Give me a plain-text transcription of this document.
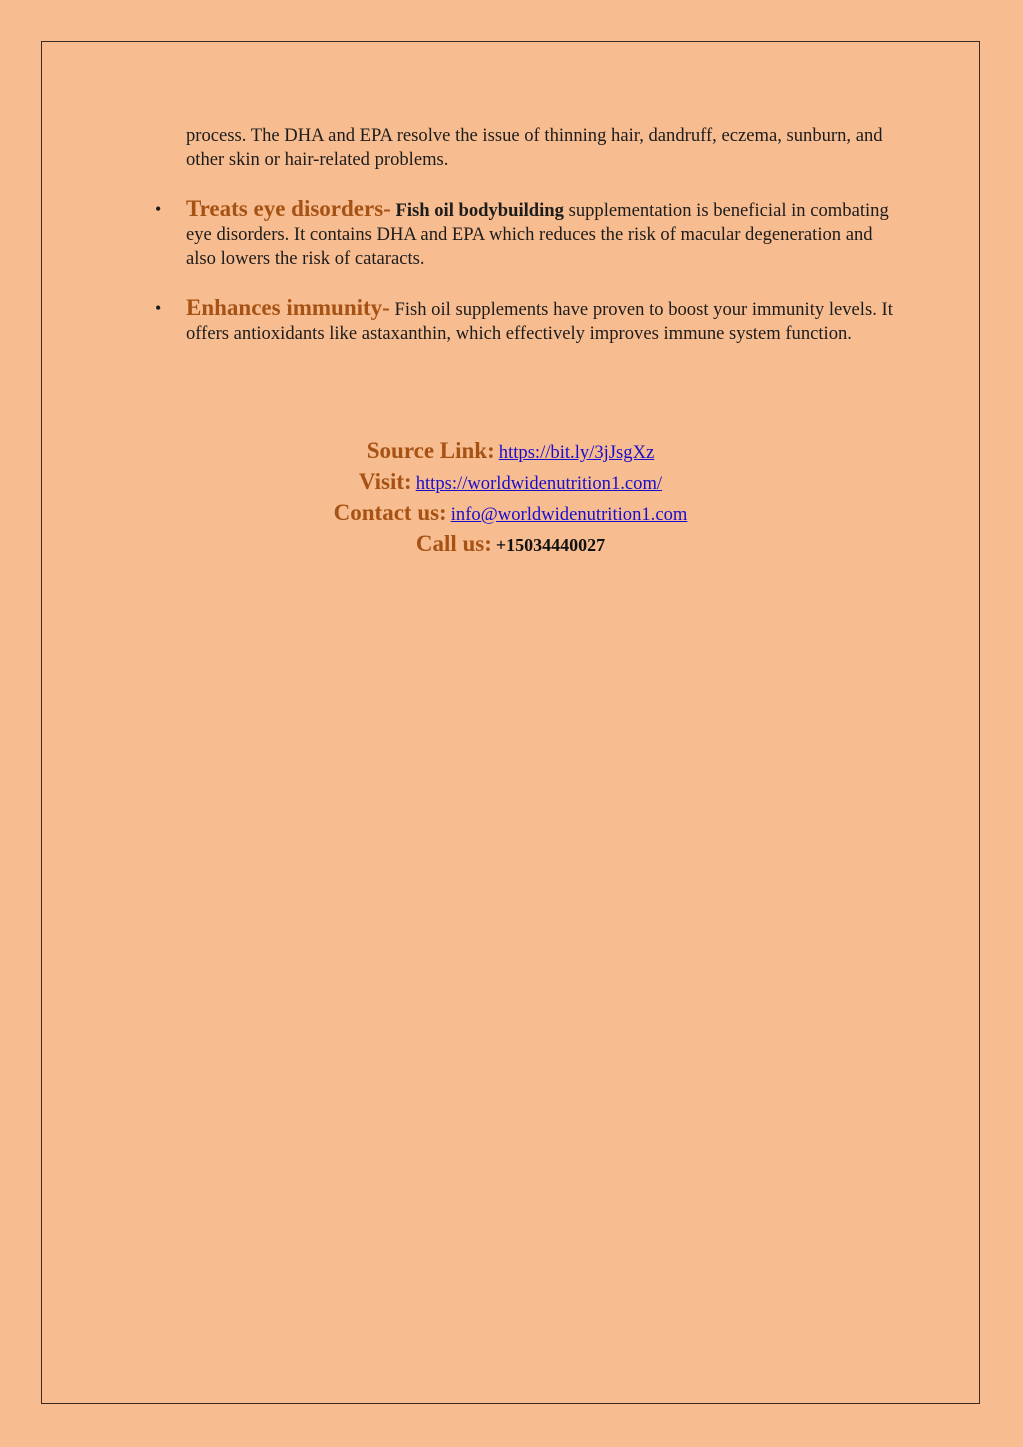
process. The DHA and EPA resolve the issue of thinning hair, dandruff, eczema, sunburn, and other skin or hair-related problems.

• Treats eye disorders- Fish oil bodybuilding supplementation is beneficial in combating eye disorders. It contains DHA and EPA which reduces the risk of macular degeneration and also lowers the risk of cataracts.
• Enhances immunity- Fish oil supplements have proven to boost your immunity levels. It offers antioxidants like astaxanthin, which effectively improves immune system function.
Source Link: https://bit.ly/3jJsgXz
Visit: https://worldwidenutrition1.com/
Contact us: info@worldwidenutrition1.com
Call us: +15034440027
